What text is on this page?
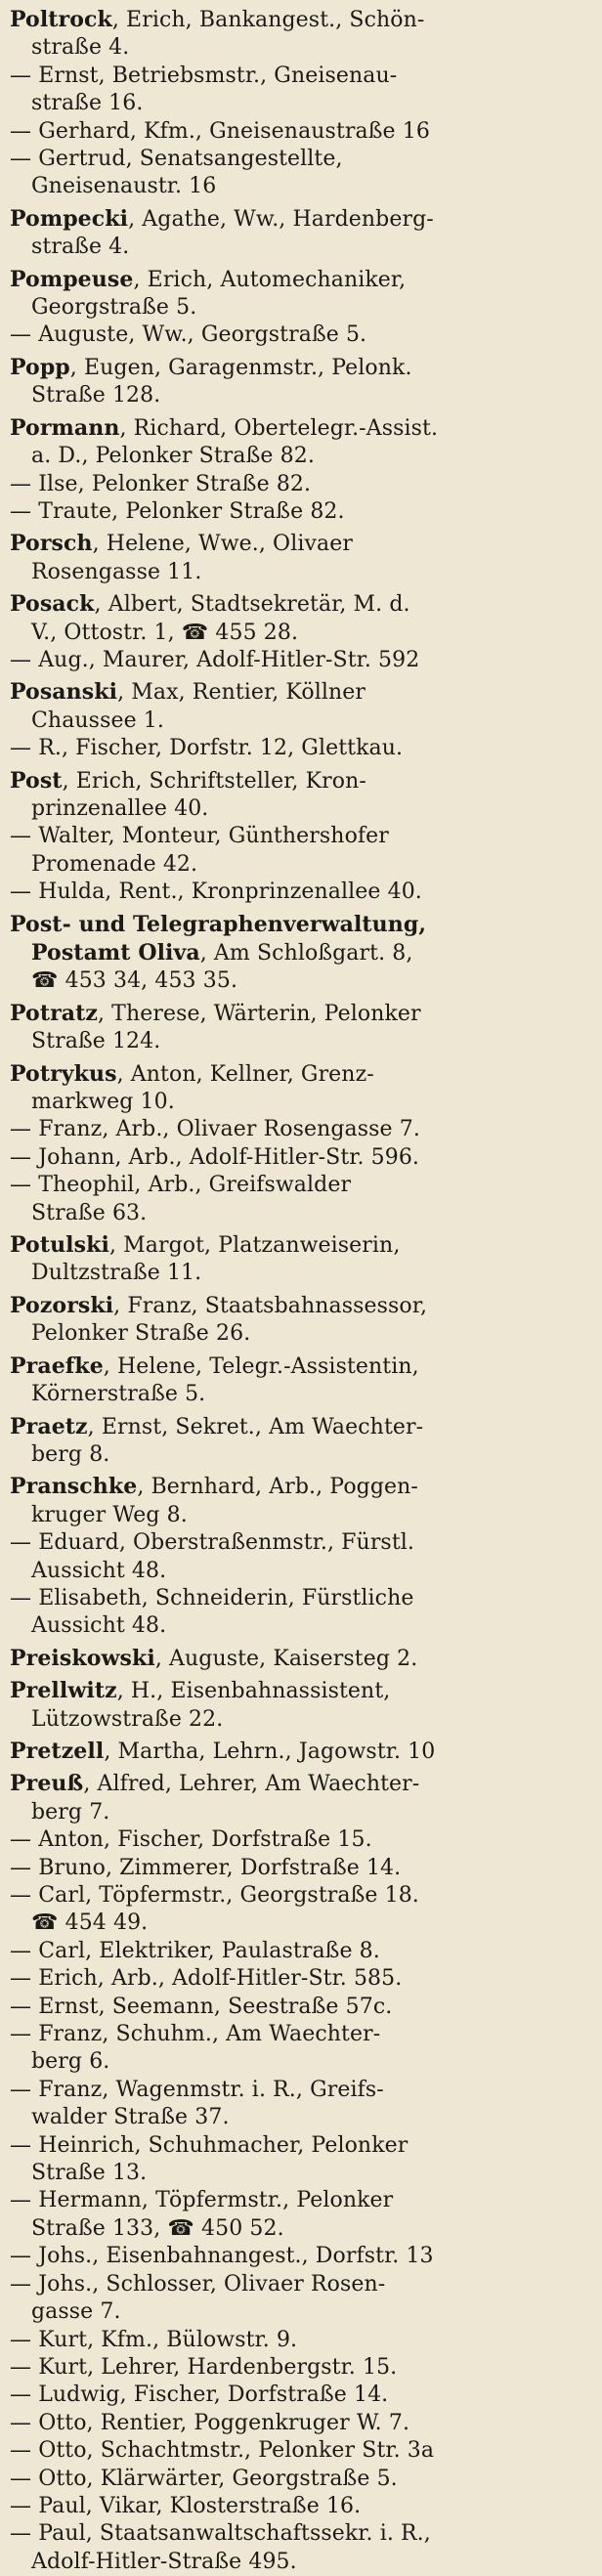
Poltrock, Erich, Bankangest., Schön-
straße 4.
— Ernst, Betriebsmstr., Gneisenau-
straße 16.
— Gerhard, Kfm., Gneisenaustraße 16
— Gertrud, Senatsangestellte,
Gneisenaustr. 16
Pompecki, Agathe, Ww., Hardenberg-
straße 4.
Pompeuse, Erich, Automechaniker,
Georgstraße 5.
— Auguste, Ww., Georgstraße 5.
Popp, Eugen, Garagenmstr., Pelonk.
Straße 128.
Pormann, Richard, Obertelegr.-Assist.
a. D., Pelonker Straße 82.
— Ilse, Pelonker Straße 82.
— Traute, Pelonker Straße 82.
Porsch, Helene, Wwe., Olivaer
Rosengasse 11.
Posack, Albert, Stadtsekretär, M. d.
V., Ottostr. 1, ☎ 455 28.
— Aug., Maurer, Adolf-Hitler-Str. 592
Posanski, Max, Rentier, Köllner
Chaussee 1.
— R., Fischer, Dorfstr. 12, Glettkau.
Post, Erich, Schriftsteller, Kron-
prinzenallee 40.
— Walter, Monteur, Günthershofer
Promenade 42.
— Hulda, Rent., Kronprinzenallee 40.
Post- und Telegraphenverwaltung,
Postamt Oliva, Am Schloßgart. 8,
☎ 453 34, 453 35.
Potratz, Therese, Wärterin, Pelonker
Straße 124.
Potrykus, Anton, Kellner, Grenz-
markweg 10.
— Franz, Arb., Olivaer Rosengasse 7.
— Johann, Arb., Adolf-Hitler-Str. 596.
— Theophil, Arb., Greifswalder
Straße 63.
Potulski, Margot, Platzanweiserin,
Dultzstraße 11.
Pozorski, Franz, Staatsbahnassessor,
Pelonker Straße 26.
Praefke, Helene, Telegr.-Assistentin,
Körnerstraße 5.
Praetz, Ernst, Sekret., Am Waechter-
berg 8.
Pranschke, Bernhard, Arb., Poggen-
kruger Weg 8.
— Eduard, Oberstraßenmstr., Fürstl.
Aussicht 48.
— Elisabeth, Schneiderin, Fürstliche
Aussicht 48.
Preiskowski, Auguste, Kaisersteg 2.
Prellwitz, H., Eisenbahnassistent,
Lützowstraße 22.
Pretzell, Martha, Lehrn., Jagowstr. 10
Preuß, Alfred, Lehrer, Am Waechter-
berg 7.
— Anton, Fischer, Dorfstraße 15.
— Bruno, Zimmerer, Dorfstraße 14.
— Carl, Töpfermstr., Georgstraße 18.
☎ 454 49.
— Carl, Elektriker, Paulastraße 8.
— Erich, Arb., Adolf-Hitler-Str. 585.
— Ernst, Seemann, Seestraße 57c.
— Franz, Schuhm., Am Waechter-
berg 6.
— Franz, Wagenmstr. i. R., Greifs-
walder Straße 37.
— Heinrich, Schuhmacher, Pelonker
Straße 13.
— Hermann, Töpfermstr., Pelonker
Straße 133, ☎ 450 52.
— Johs., Eisenbahnangest., Dorfstr. 13
— Johs., Schlosser, Olivaer Rosen-
gasse 7.
— Kurt, Kfm., Bülowstr. 9.
— Kurt, Lehrer, Hardenbergstr. 15.
— Ludwig, Fischer, Dorfstraße 14.
— Otto, Rentier, Poggenkruger W. 7.
— Otto, Schachtmstr., Pelonker Str. 3a
— Otto, Klärwärter, Georgstraße 5.
— Paul, Vikar, Klosterstraße 16.
— Paul, Staatsanwaltschaftssekr. i. R.,
Adolf-Hitler-Straße 495.
